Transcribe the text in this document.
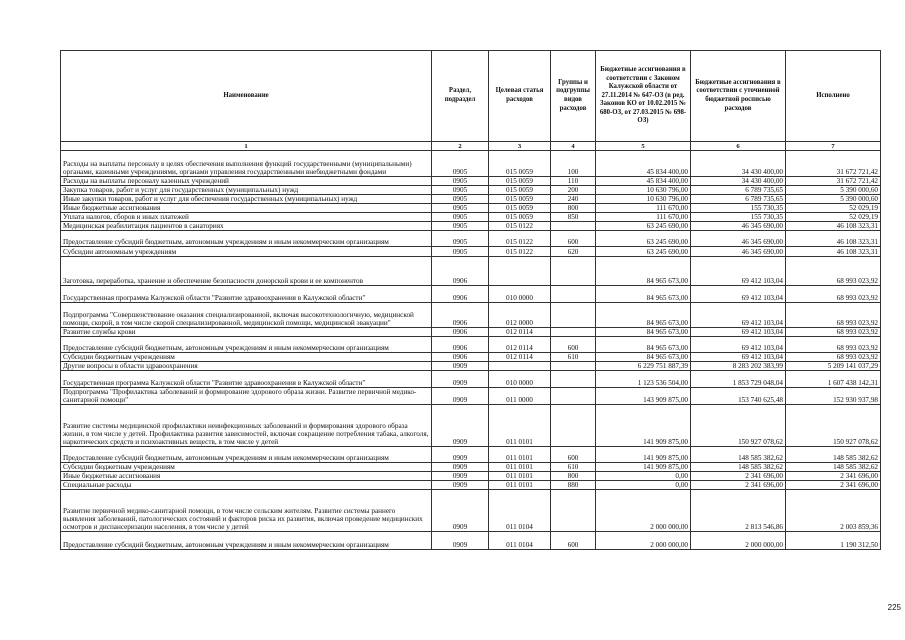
Наименование	Раздел, подраздел	Целевая статья расходов	Группы и подгруппы видов расходов	Бюджетные ассигнования в соответствии с Законом Калужской области от 27.11.2014 № 647-ОЗ (в ред. Законов КО от 10.02.2015 № 680-ОЗ, от 27.03.2015 № 698-ОЗ)	Бюджетные ассигнования в соответствии с уточненной бюджетной росписью расходов	Исполнено
1	2	3	4	5	6	7
Расходы на выплаты персоналу в целях обеспечения выполнения функций государственными (муниципальными) органами, казенными учреждениями, органами управления государственными внебюджетными фондами	0905	015 0059	100	45 834 400,00	34 430 400,00	31 672 721,42
Расходы на выплаты персоналу казенных учреждений	0905	015 0059	110	45 834 400,00	34 430 400,00	31 672 721,42
Закупка товаров, работ и услуг для государственных (муниципальных) нужд	0905	015 0059	200	10 630 796,00	6 789 735,65	5 390 000,60
Иные закупки товаров, работ и услуг для обеспечения государственных (муниципальных) нужд	0905	015 0059	240	10 630 796,00	6 789 735,65	5 390 000,60
Иные бюджетные ассигнования	0905	015 0059	800	111 670,00	155 730,35	52 029,19
Уплата налогов, сборов и иных платежей	0905	015 0059	850	111 670,00	155 730,35	52 029,19
Медицинская реабилитация пациентов в санаториях	0905	015 0122		63 245 690,00	46 345 690,00	46 108 323,31
Предоставление субсидий бюджетным, автономным учреждениям и иным некоммерческим организациям	0905	015 0122	600	63 245 690,00	46 345 690,00	46 108 323,31
Субсидии автономным учреждениям	0905	015 0122	620	63 245 690,00	46 345 690,00	46 108 323,31
Заготовка, переработка, хранение и обеспечение безопасности донорской крови и ее компонентов	0906			84 965 673,00	69 412 103,04	68 993 023,92
Государственная программа Калужской области "Развитие здравоохранения в Калужской области"	0906	010 0000		84 965 673,00	69 412 103,04	68 993 023,92
Подпрограмма "Совершенствование оказания специализированной, включая высокотехнологичную, медицинской помощи, скорой, в том числе скорой специализированной, медицинской помощи, медицинской эвакуации"	0906	012 0000		84 965 673,00	69 412 103,04	68 993 023,92
Развитие службы крови	0906	012 0114		84 965 673,00	69 412 103,04	68 993 023,92
Предоставление субсидий бюджетным, автономным учреждениям и иным некоммерческим организациям	0906	012 0114	600	84 965 673,00	69 412 103,04	68 993 023,92
Субсидии бюджетным учреждениям	0906	012 0114	610	84 965 673,00	69 412 103,04	68 993 023,92
Другие вопросы в области здравоохранения	0909			6 229 751 887,39	8 283 202 383,99	5 209 141 037,29
Государственная программа Калужской области "Развитие здравоохранения в Калужской области"	0909	010 0000		1 123 536 504,00	1 853 729 048,04	1 607 438 142,31
Подпрограмма "Профилактика заболеваний и формирование здорового образа жизни. Развитие первичной медико-санитарной помощи"	0909	011 0000		143 909 875,00	153 740 625,48	152 930 937,98
Развитие системы медицинской профилактики неинфекционных заболеваний и формирования здорового образа жизни, в том числе у детей. Профилактика развития зависимостей, включая сокращение потребления табака, алкоголя, наркотических средств и психоактивных веществ, в том числе у детей	0909	011 0101		141 909 875,00	150 927 078,62	150 927 078,62
Предоставление субсидий бюджетным, автономным учреждениям и иным некоммерческим организациям	0909	011 0101	600	141 909 875,00	148 585 382,62	148 585 382,62
Субсидии бюджетным учреждениям	0909	011 0101	610	141 909 875,00	148 585 382,62	148 585 382,62
Иные бюджетные ассигнования	0909	011 0101	800	0,00	2 341 696,00	2 341 696,00
Специальные расходы	0909	011 0101	880	0,00	2 341 696,00	2 341 696,00
Развитие первичной медико-санитарной помощи, в том числе сельским жителям. Развитие системы раннего выявления заболеваний, патологических состояний и факторов риска их развития, включая проведение медицинских осмотров и диспансеризации населения, в том числе у детей	0909	011 0104		2 000 000,00	2 813 546,86	2 003 859,36
Предоставление субсидий бюджетным, автономным учреждениям и иным некоммерческим организациям	0909	011 0104	600	2 000 000,00	2 000 000,00	1 190 312,50
225
